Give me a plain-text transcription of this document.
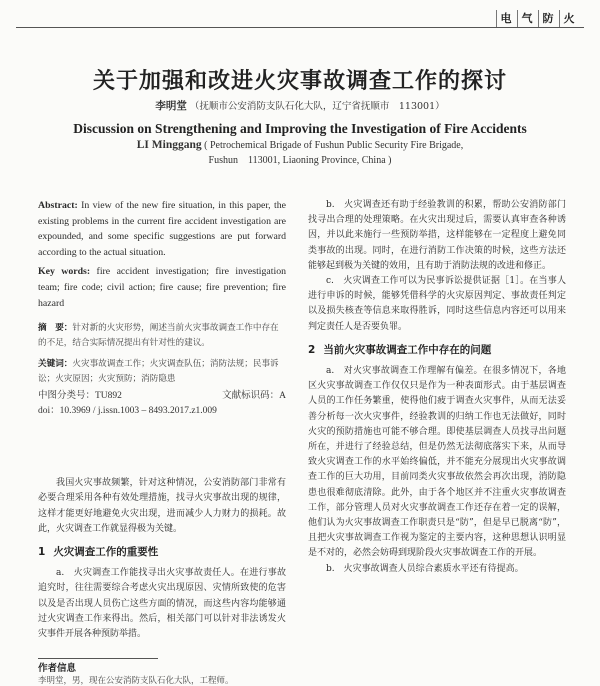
电 气 防 火
关于加强和改进火灾事故调查工作的探讨
李明堂 （抚顺市公安消防支队石化大队，辽宁省抚顺市　113001）
Discussion on Strengthening and Improving the Investigation of Fire Accidents
LI Minggang ( Petrochemical Brigade of Fushun Public Security Fire Brigade,
Fushun　113001, Liaoning Province, China )

Abstract: In view of the new fire situation, in this paper, the existing problems in the current fire accident investigation are expounded, and some specific suggestions are put forward according to the actual situation.

Key words: fire accident investigation; fire investigation team; fire code; civil action; fire cause; fire prevention; fire hazard

摘　要：针对新的火灾形势，阐述当前火灾事故调查工作中存在的不足，结合实际情况提出有针对性的建议。

关键词：火灾事故调查工作；火灾调查队伍；消防法规；民事诉讼；火灾原因；火灾预防；消防隐患

中图分类号：TU892	文献标识码：A
doi：10.3969 / j.issn.1003 – 8493.2017.z1.009

我国火灾事故频繁，针对这种情况，公安消防部门非常有必要合理采用各种有效处理措施，找寻火灾事故出现的规律，这样才能更好地避免火灾出现，进而减少人力财力的损耗。故此，火灾调查工作就显得极为关键。

1 火灾调查工作的重要性

a.　火灾调查工作能找寻出火灾事故责任人。在进行事故追究时，往往需要综合考虑火灾出现原因、灾情所致使的危害以及是否出现人员伤亡这些方面的情况，而这些内容均能够通过火灾调查工作来得出。然后，相关部门可以针对非法诱发火灾事件开展各种预防举措。

b.　火灾调查还有助于经验教训的积累，帮助公安消防部门找寻出合理的处理策略。在火灾出现过后，需要认真审查各种诱因，并以此来施行一些预防举措，这样能够在一定程度上避免同类事故的出现。同时，在进行消防工作决策的时候，这些方法还能够起到极为关键的效用，且有助于消防法规的改进和修正。

c.　火灾调查工作可以为民事诉讼提供证据［1］。在当事人进行申诉的时候，能够凭借科学的火灾原因判定、事故责任判定以及损失核查等信息来取得胜诉，同时这些信息内容还可以用来判定责任人是否要负罪。

2 当前火灾事故调查工作中存在的问题

a.　对火灾事故调查工作理解有偏差。在很多情况下，各地区火灾事故调查工作仅仅只是作为一种表面形式。由于基层调查人员的工作任务繁重，使得他们疲于调查火灾事件，从而无法妥善分析每一次火灾事件，经验教训的归纳工作也无法做好，同时火灾的预防措施也可能不够合理。即使基层调查人员找寻出问题所在，并进行了经验总结，但是仍然无法彻底落实下来，从而导致火灾调查工作的水平始终偏低，并不能充分展现出火灾事故调查工作的巨大功用，目前同类火灾事故依然会再次出现，消防隐患也很难彻底清除。此外，由于各个地区并不注重火灾事故调查工作，部分管理人员对火灾事故调查工作还存在着一定的误解，他们认为火灾事故调查工作职责只是“防”，但是早已脱离“防”，且把火灾事故调查工作视为鉴定的主要内容，这种思想认识明显是不对的，必然会妨碍到现阶段火灾事故调查工作的开展。

b.　火灾事故调查人员综合素质水平还有待提高。

作者信息
李明堂，男，现在公安消防支队石化大队，工程师。
